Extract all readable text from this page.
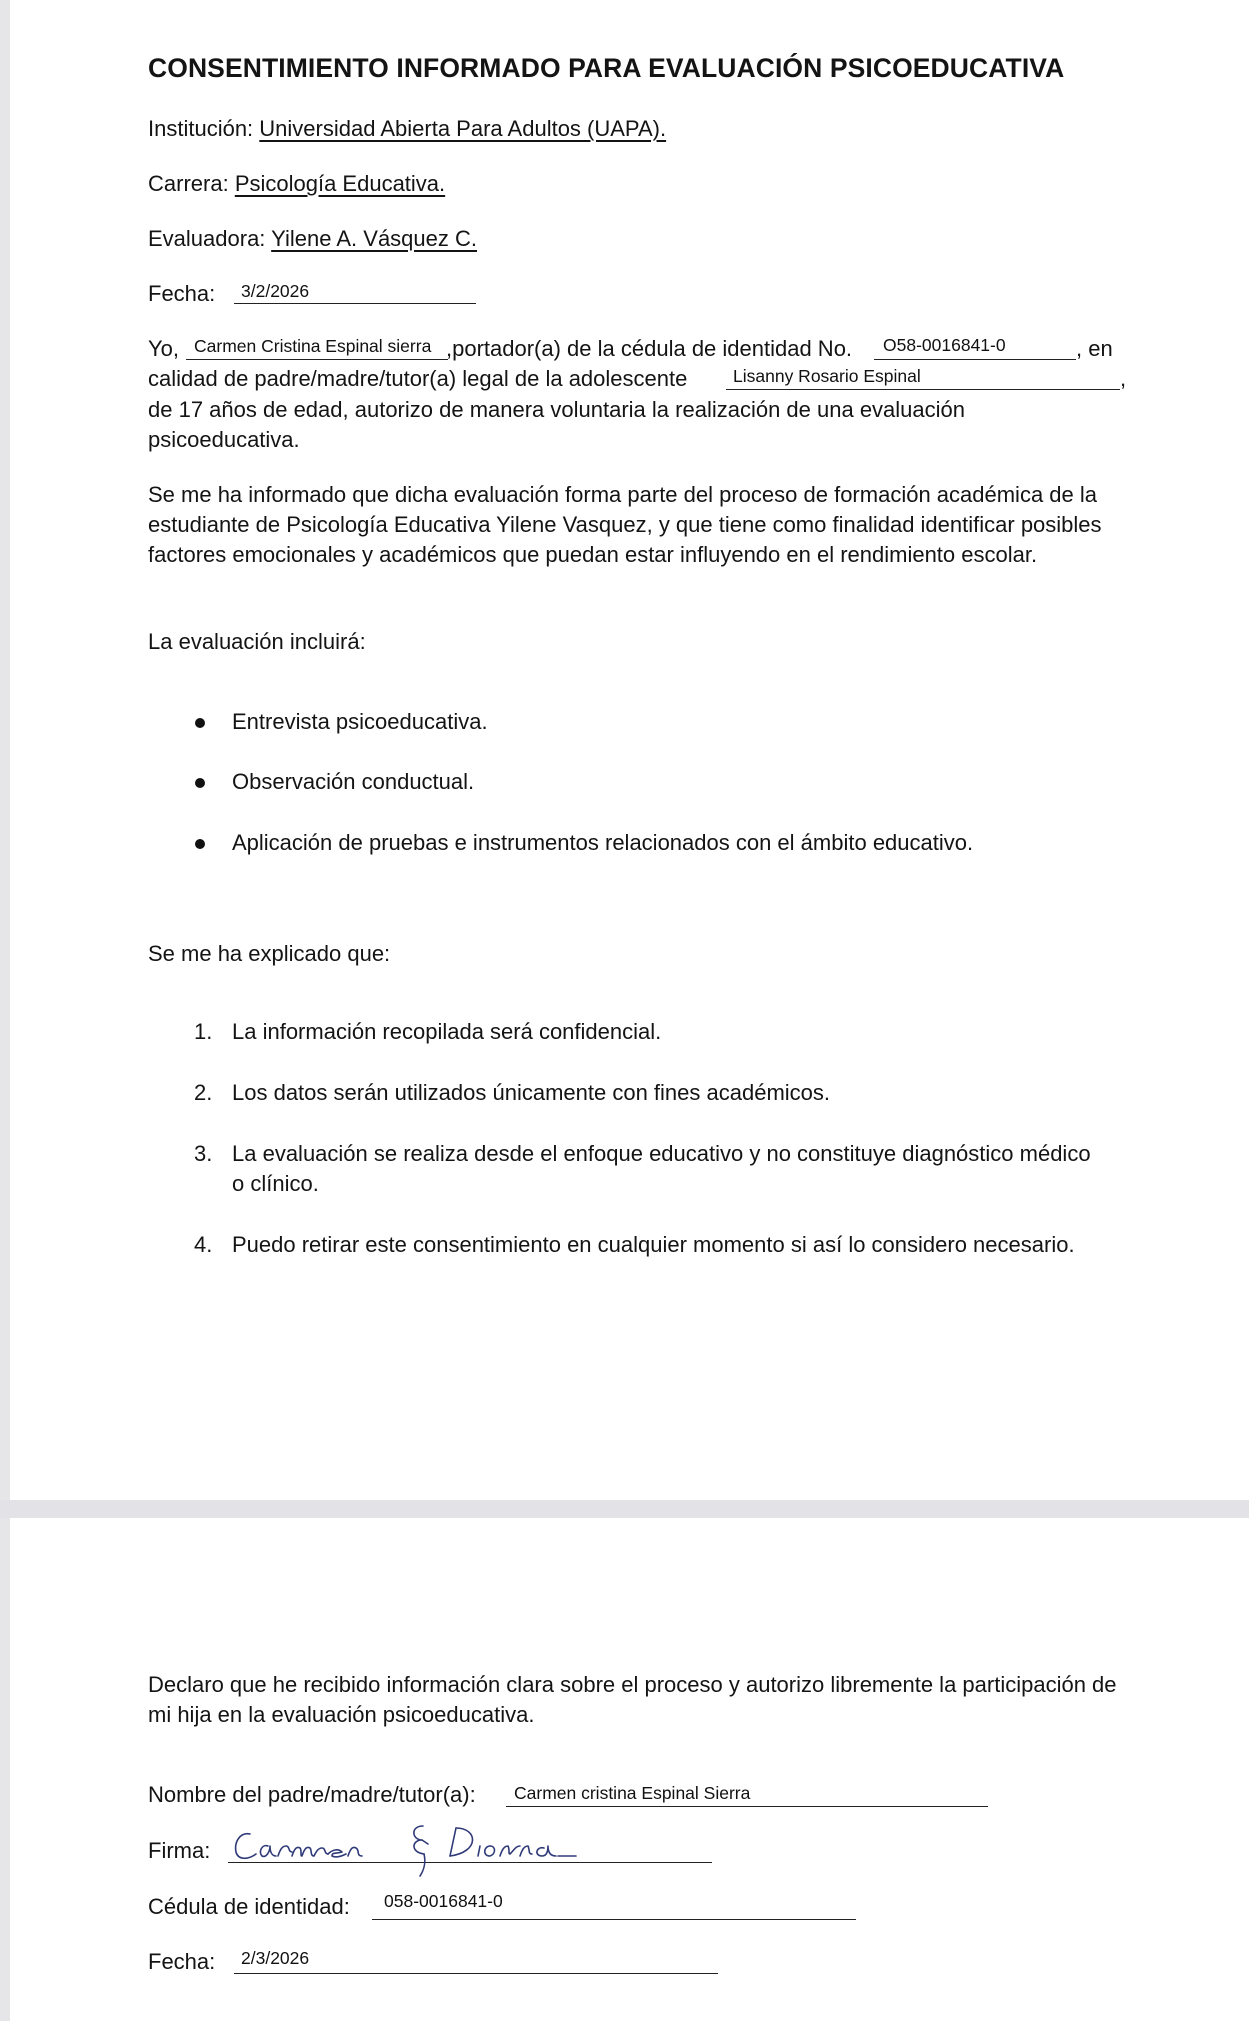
CONSENTIMIENTO INFORMADO PARA EVALUACIÓN PSICOEDUCATIVA

Institución: Universidad Abierta Para Adultos (UAPA).

Carrera: Psicología Educativa.

Evaluadora: Yilene A. Vásquez C.

Fecha: 3/2/2026

Yo, Carmen Cristina Espinal sierra ,portador(a) de la cédula de identidad No. O58-0016841-0	, en

calidad de padre/madre/tutor(a) legal de la adolescente	Lisanny Rosario Espinal	,

de 17 años de edad, autorizo de manera voluntaria la realización de una evaluación

psicoeducativa.

Se me ha informado que dicha evaluación forma parte del proceso de formación académica de la estudiante de Psicología Educativa Yilene Vasquez, y que tiene como finalidad identificar posibles factores emocionales y académicos que puedan estar influyendo en el rendimiento escolar.

La evaluación incluirá:

Entrevista psicoeducativa.

Observación conductual.

Aplicación de pruebas e instrumentos relacionados con el ámbito educativo.

Se me ha explicado que:

1. La información recopilada será confidencial.

2. Los datos serán utilizados únicamente con fines académicos.

3. La evaluación se realiza desde el enfoque educativo y no constituye diagnóstico médico

o clínico.

4. Puedo retirar este consentimiento en cualquier momento si así lo considero necesario.

Declaro que he recibido información clara sobre el proceso y autorizo libremente la participación de mi hija en la evaluación psicoeducativa.

Nombre del padre/madre/tutor(a): Carmen cristina Espinal Sierra

Firma:

Cédula de identidad: 058-0016841-0

Fecha: 2/3/2026
